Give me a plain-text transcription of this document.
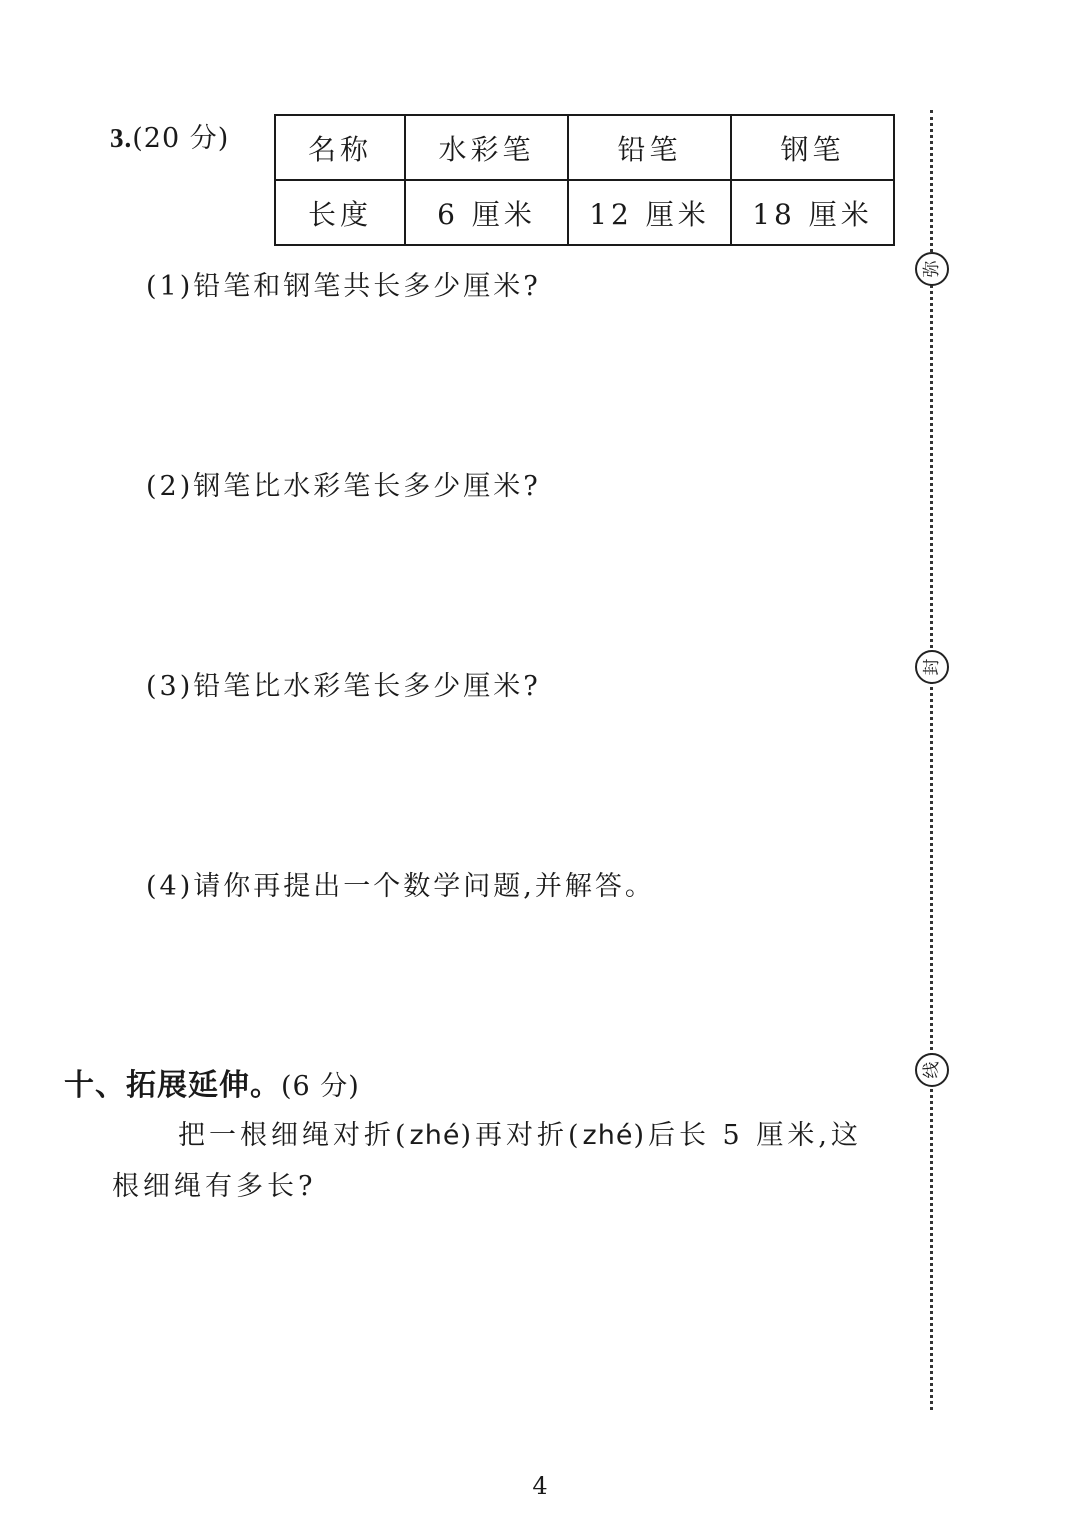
3.(20 分)	名称	水彩笔	铅笔	钢笔
长度	6 厘米	12 厘米	18 厘米
(1)铅笔和钢笔共长多少厘米?
(2)钢笔比水彩笔长多少厘米?
(3)铅笔比水彩笔长多少厘米?
(4)请你再提出一个数学问题,并解答。
十、拓展延伸。(6 分)
把一根细绳对折(zhé)再对折(zhé)后长 5 厘米,这
根细绳有多长?
弥
封
线
4
